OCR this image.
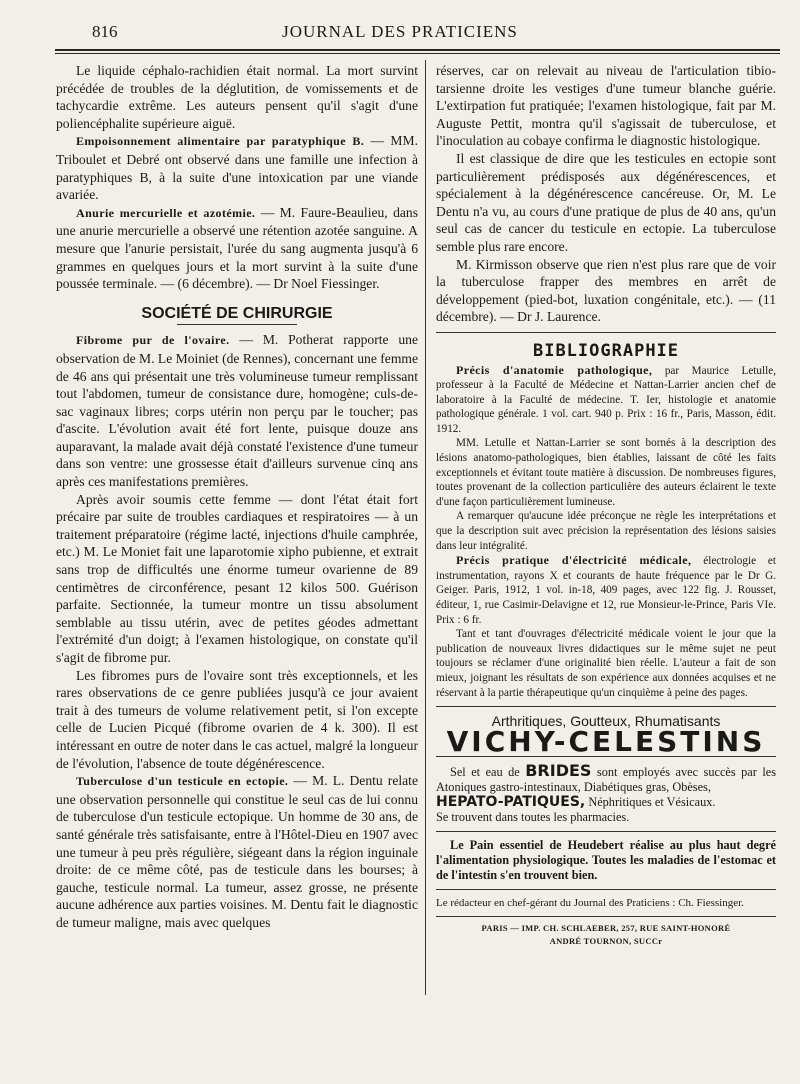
816	JOURNAL DES PRATICIENS

Le liquide céphalo-rachidien était normal. La mort survint précédée de troubles de la déglutition, de vomissements et de tachycardie extrême. Les auteurs pensent qu'il s'agit d'une poliencéphalite supérieure aiguë.

Empoisonnement alimentaire par paratyphique B. — MM. Triboulet et Debré ont observé dans une famille une infection à paratyphiques B, à la suite d'une intoxication par une viande avariée.

Anurie mercurielle et azotémie. — M. Faure-Beaulieu, dans une anurie mercurielle a observé une rétention azotée sanguine. A mesure que l'anurie persistait, l'urée du sang augmenta jusqu'à 6 grammes en quelques jours et la mort survint à la suite d'une poussée terminale. — (6 décembre). — Dr Noel Fiessinger.

SOCIÉTÉ DE CHIRURGIE

Fibrome pur de l'ovaire. — M. Potherat rapporte une observation de M. Le Moiniet (de Rennes), concernant une femme de 46 ans qui présentait une très volumineuse tumeur remplissant tout l'abdomen, tumeur de consistance dure, homogène; culs-de-sac vaginaux libres; corps utérin non perçu par le toucher; pas d'ascite. L'évolution avait été fort lente, puisque douze ans auparavant, la malade avait déjà constaté l'existence d'une tumeur dans son ventre: une grossesse était d'ailleurs survenue cinq ans après ces manifestations premières.

Après avoir soumis cette femme — dont l'état était fort précaire par suite de troubles cardiaques et respiratoires — à un traitement préparatoire (régime lacté, injections d'huile camphrée, etc.) M. Le Moniet fait une laparotomie xipho pubienne, et extrait sans trop de difficultés une énorme tumeur ovarienne de 89 centimètres de circonférence, pesant 12 kilos 500. Guérison parfaite. Sectionnée, la tumeur montre un tissu absolument semblable au tissu utérin, avec de petites géodes admettant l'extrémité d'un doigt; à l'examen histologique, on constate qu'il s'agit de fibrome pur.

Les fibromes purs de l'ovaire sont très exceptionnels, et les rares observations de ce genre publiées jusqu'à ce jour avaient trait à des tumeurs de volume relativement petit, si l'on excepte celle de Lucien Picqué (fibrome ovarien de 4 k. 300). Il est intéressant en outre de noter dans le cas actuel, malgré la longueur de l'évolution, l'absence de toute dégénérescence.

Tuberculose d'un testicule en ectopie. — M. L. Dentu relate une observation personnelle qui constitue le seul cas de lui connu de tuberculose d'un testicule ectopique. Un homme de 30 ans, de santé générale très satisfaisante, entre à l'Hôtel-Dieu en 1907 avec une tumeur à peu près régulière, siégeant dans la région inguinale droite: de ce même côté, pas de testicule dans les bourses; à gauche, testicule normal. La tumeur, assez grosse, ne présente aucune adhérence aux parties voisines. M. Dentu fait le diagnostic de tumeur maligne, mais avec quelques

réserves, car on relevait au niveau de l'articulation tibio-tarsienne droite les vestiges d'une tumeur blanche guérie. L'extirpation fut pratiquée; l'examen histologique, fait par M. Auguste Pettit, montra qu'il s'agissait de tuberculose, et l'inoculation au cobaye confirma le diagnostic histologique.

Il est classique de dire que les testicules en ectopie sont particulièrement prédisposés aux dégénérescences, et spécialement à la dégénérescence cancéreuse. Or, M. Le Dentu n'a vu, au cours d'une pratique de plus de 40 ans, qu'un seul cas de cancer du testicule en ectopie. La tuberculose semble plus rare encore.

M. Kirmisson observe que rien n'est plus rare que de voir la tuberculose frapper des membres en arrêt de développement (pied-bot, luxation congénitale, etc.). — (11 décembre). — Dr J. Laurence.

BIBLIOGRAPHIE

Précis d'anatomie pathologique, par Maurice Letulle, professeur à la Faculté de Médecine et Nattan-Larrier ancien chef de laboratoire à la Faculté de médecine. T. Ier, histologie et anatomie pathologique générale. 1 vol. cart. 940 p. Prix : 16 fr., Paris, Masson, édit. 1912.

MM. Letulle et Nattan-Larrier se sont bornés à la description des lésions anatomo-pathologiques, bien établies, laissant de côté les faits exceptionnels et évitant toute matière à discussion. De nombreuses figures, toutes provenant de la collection particulière des auteurs éclairent le texte d'une façon particulièrement lumineuse.

A remarquer qu'aucune idée préconçue ne règle les interprétations et que la description suit avec précision la représentation des lésions saisies dans leur intégralité.

Précis pratique d'électricité médicale, électrologie et instrumentation, rayons X et courants de haute fréquence par le Dr G. Geiger. Paris, 1912, 1 vol. in-18, 409 pages, avec 122 fig. J. Rousset, éditeur, 1, rue Casimir-Delavigne et 12, rue Monsieur-le-Prince, Paris VIe. Prix : 6 fr.

Tant et tant d'ouvrages d'électricité médicale voient le jour que la publication de nouveaux livres didactiques sur le même sujet ne peut toujours se réclamer d'une originalité bien réelle. L'auteur a fait de son mieux, joignant les résultats de son expérience aux données acquises et ne réservant à la partie thérapeutique qu'un cinquième à peine des pages.

Arthritiques, Goutteux, Rhumatisants
VICHY-CELESTINS
Sel et eau de BRIDES sont employés avec succès par les Atoniques gastro-intestinaux, Diabétiques gras, Obèses,
HEPATO-PATIQUES, Néphritiques et Vésicaux.
Se trouvent dans toutes les pharmacies.
Le Pain essentiel de Heudebert réalise au plus haut degré l'alimentation physiologique. Toutes les maladies de l'estomac et de l'intestin s'en trouvent bien.
Le rédacteur en chef-gérant du Journal des Praticiens : Ch. Fiessinger.
PARIS — IMP. CH. SCHLAEBER, 257, RUE SAINT-HONORÉ
ANDRÉ TOURNON, SUCCr
